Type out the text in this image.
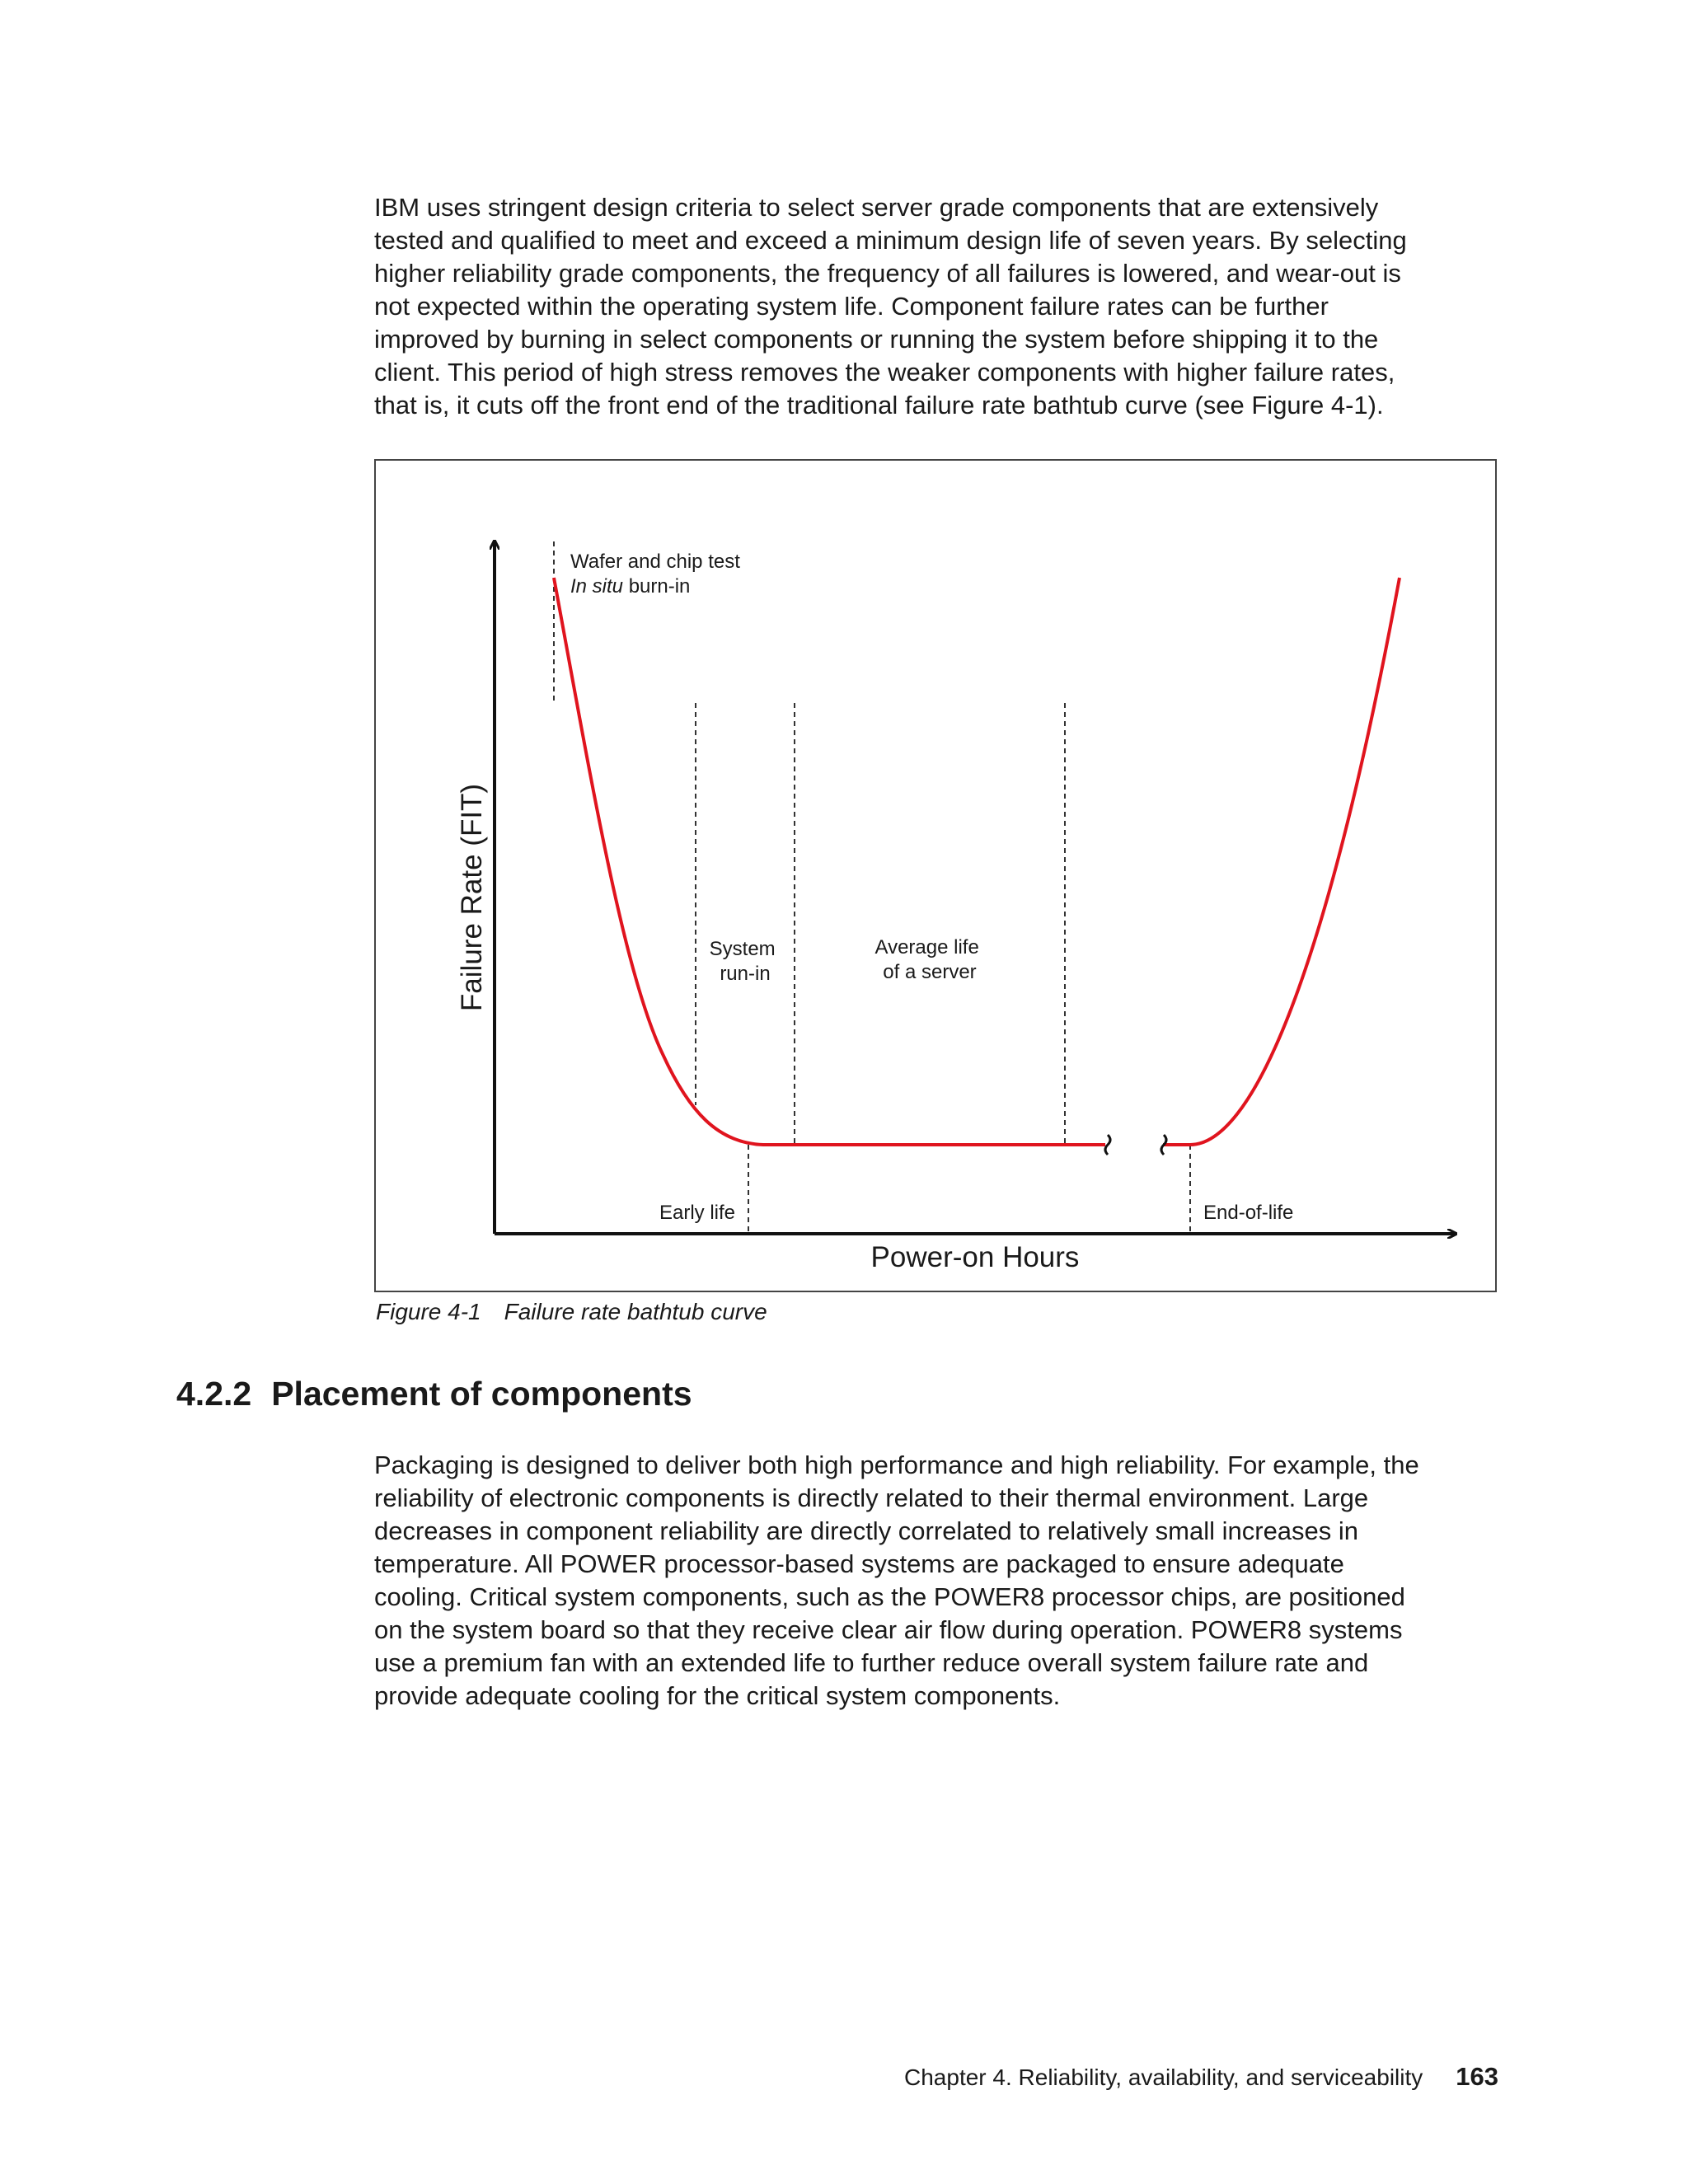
IBM uses stringent design criteria to select server grade components that are extensively
tested and qualified to meet and exceed a minimum design life of seven years. By selecting
higher reliability grade components, the frequency of all failures is lowered, and wear-out is
not expected within the operating system life. Component failure rates can be further
improved by burning in select components or running the system before shipping it to the
client. This period of high stress removes the weaker components with higher failure rates,
that is, it cuts off the front end of the traditional failure rate bathtub curve (see Figure 4-1).

Wafer and chip test
In situ burn-in
System run-in
Average life of a server
Early life	End-of-life
Power-on Hours
Failure Rate (FIT)
Figure 4-1 Failure rate bathtub curve
4.2.2 Placement of components

Packaging is designed to deliver both high performance and high reliability. For example, the
reliability of electronic components is directly related to their thermal environment. Large
decreases in component reliability are directly correlated to relatively small increases in
temperature. All POWER processor-based systems are packaged to ensure adequate
cooling. Critical system components, such as the POWER8 processor chips, are positioned
on the system board so that they receive clear air flow during operation. POWER8 systems
use a premium fan with an extended life to further reduce overall system failure rate and
provide adequate cooling for the critical system components.

Chapter 4. Reliability, availability, and serviceability 163
